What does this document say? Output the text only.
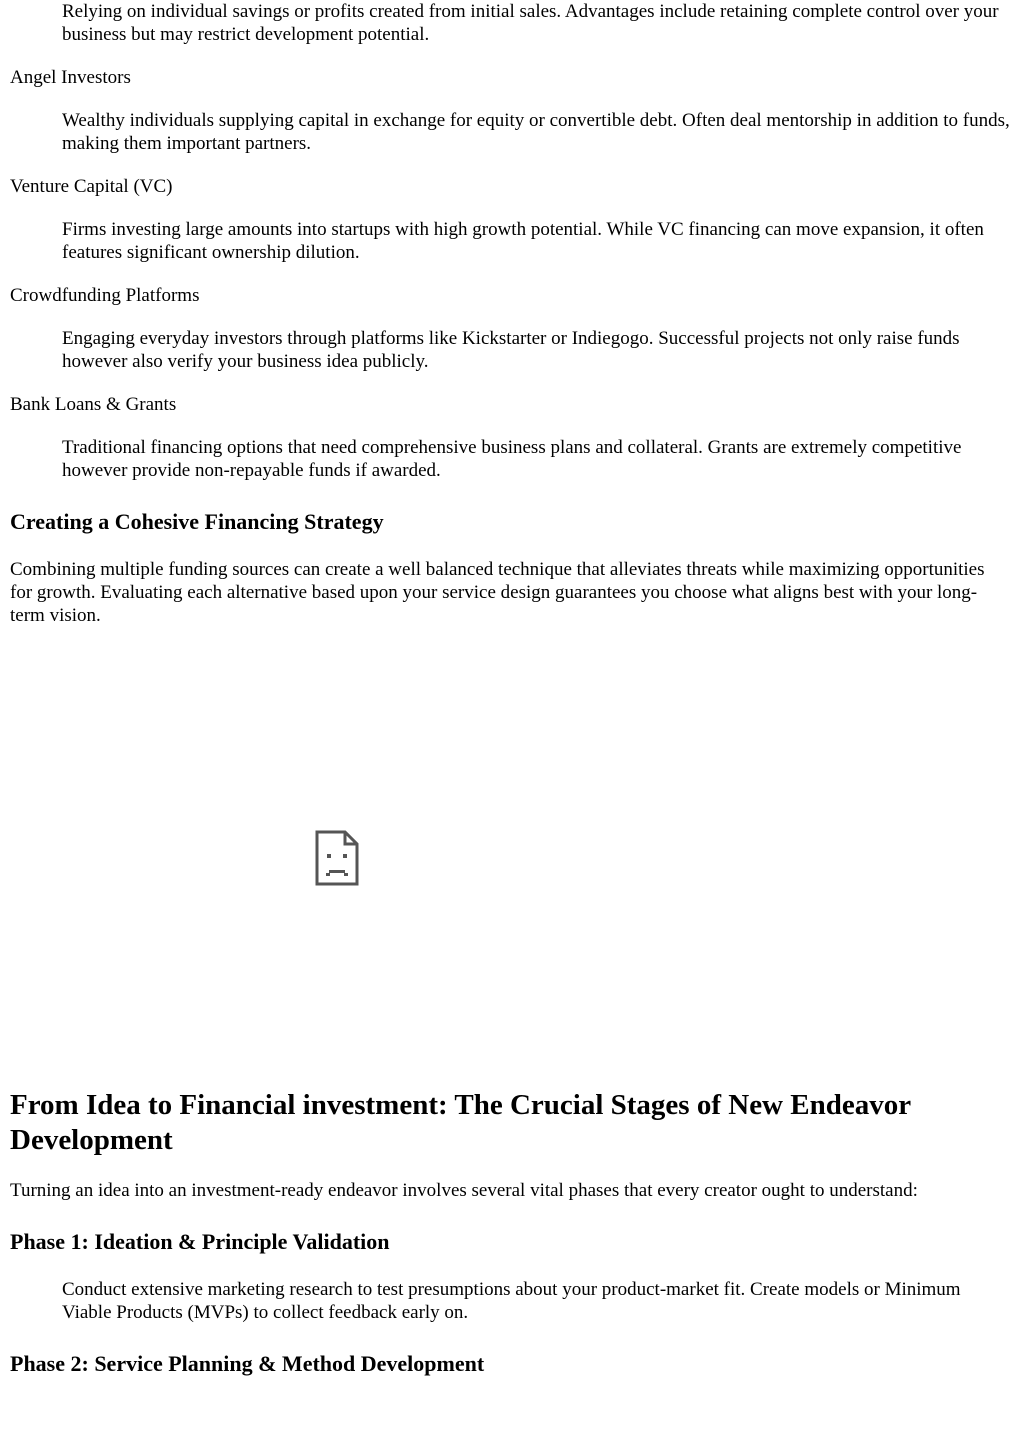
Relying on individual savings or profits created from initial sales. Advantages include retaining complete control over your business but may restrict development potential.
Angel Investors
Wealthy individuals supplying capital in exchange for equity or convertible debt. Often deal mentorship in addition to funds, making them important partners.
Venture Capital (VC)
Firms investing large amounts into startups with high growth potential. While VC financing can move expansion, it often features significant ownership dilution.
Crowdfunding Platforms
Engaging everyday investors through platforms like Kickstarter or Indiegogo. Successful projects not only raise funds however also verify your business idea publicly.
Bank Loans & Grants
Traditional financing options that need comprehensive business plans and collateral. Grants are extremely competitive however provide non-repayable funds if awarded.
Creating a Cohesive Financing Strategy

Combining multiple funding sources can create a well balanced technique that alleviates threats while maximizing opportunities for growth. Evaluating each alternative based upon your service design guarantees you choose what aligns best with your long-term vision.

From Idea to Financial investment: The Crucial Stages of New Endeavor Development

Turning an idea into an investment-ready endeavor involves several vital phases that every creator ought to understand:

Phase 1: Ideation & Principle Validation
Conduct extensive marketing research to test presumptions about your product-market fit. Create models or Minimum Viable Products (MVPs) to collect feedback early on.
Phase 2: Service Planning & Method Development
